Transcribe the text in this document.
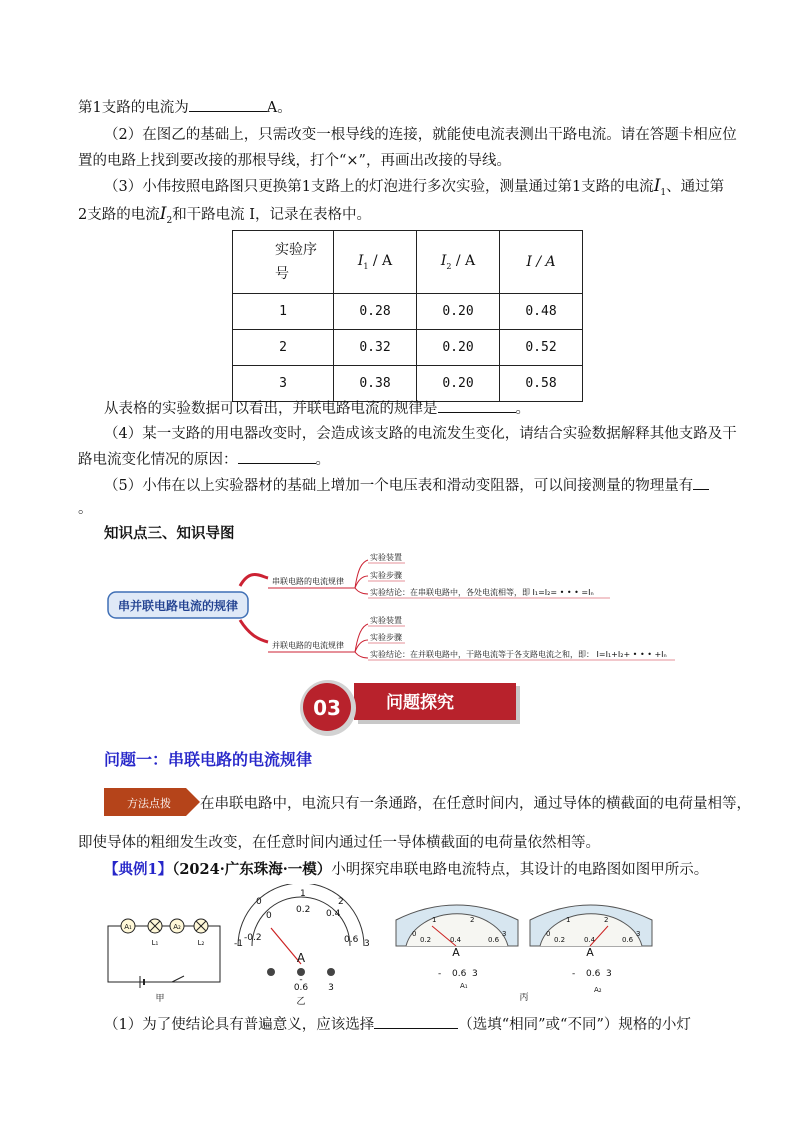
第1支路的电流为	A。
（2）在图乙的基础上，只需改变一根导线的连接，就能使电流表测出干路电流。请在答题卡相应位
置的电路上找到要改接的那根导线，打个“×”，再画出改接的导线。
（3）小伟按照电路图只更换第1支路上的灯泡进行多次实验，测量通过第1支路的电流$I_1$、通过第
2支路的电流$I_2$和干路电流 I，记录在表格中。
实验序
号	$I_1$ / A	$I_2$ / A	I / A
1	0.28	0.20	0.48
2	0.32	0.20	0.52
3	0.38	0.20	0.58
从表格的实验数据可以看出，并联电路电流的规律是	。
（4）某一支路的用电器改变时，会造成该支路的电流发生变化，请结合实验数据解释其他支路及干
路电流变化情况的原因：	。
（5）小伟在以上实验器材的基础上增加一个电压表和滑动变阻器，可以间接测量的物理量有
。
知识点三、知识导图
串并联电路电流的规律
串联电路的电流规律
实验装置
实验步骤
实验结论：在串联电路中，各处电流相等，即 I₁=I₂= • • • =Iₙ
并联电路的电流规律
实验装置
实验步骤
实验结论：在并联电路中，干路电流等于各支路电流之和，即： I=I₁+I₂+ • • • +Iₙ
03	问题探究
问题一：串联电路的电流规律
方法点拨 在串联电路中，电流只有一条通路，在任意时间内，通过导体的横截面的电荷量相等，
即使导体的粗细发生改变，在任意时间内通过任一导体横截面的电荷量依然相等。
【典例1】（2024·广东珠海·一模）小明探究串联电路电流特点，其设计的电路图如图甲所示。
A₁
L₁
A₂
L₂
甲
0
1
2
3
0
0.2 0.4
0.6
-1
-0.2
A
-
0.6 3
乙
0
1	2
3
0.2	0.4	0.6
A
- 0.6 3
A₁
0
1	2
3
0.2	0.4	0.6
A
- 0.6 3
A₂
丙
（1）为了使结论具有普遍意义，应该选择	（选填“相同”或“不同”）规格的小灯
